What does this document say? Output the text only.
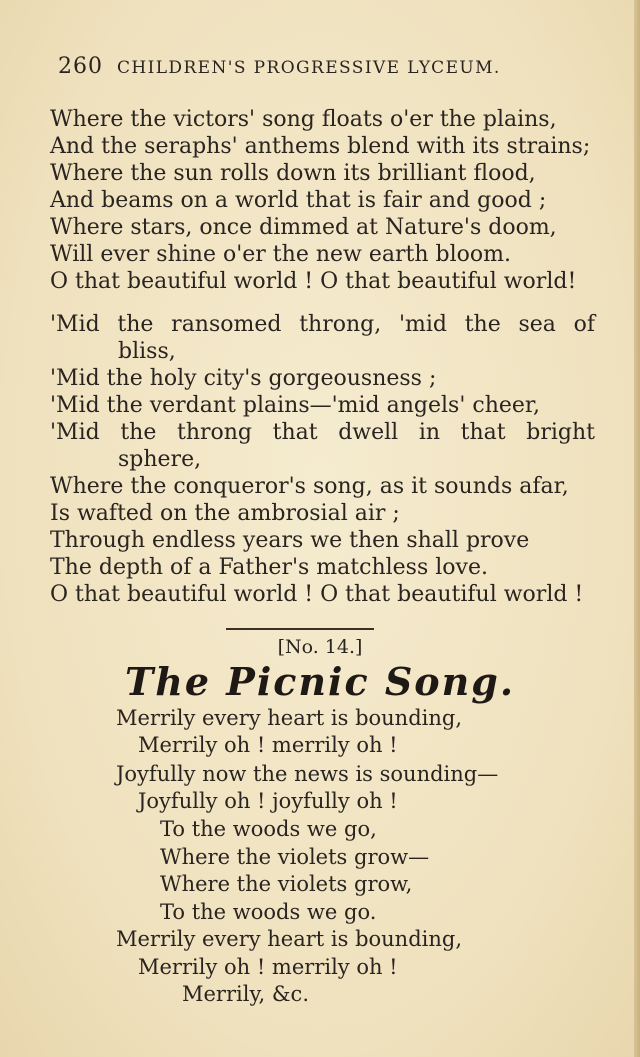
260 CHILDREN'S PROGRESSIVE LYCEUM.
Where the victors' song floats o'er the plains,
And the seraphs' anthems blend with its strains;
Where the sun rolls down its brilliant flood,
And beams on a world that is fair and good ;
Where stars, once dimmed at Nature's doom,
Will ever shine o'er the new earth bloom.
O that beautiful world ! O that beautiful world!
'Mid the ransomed throng, 'mid the sea of
bliss,
'Mid the holy city's gorgeousness ;
'Mid the verdant plains—'mid angels' cheer,
'Mid the throng that dwell in that bright
sphere,
Where the conqueror's song, as it sounds afar,
Is wafted on the ambrosial air ;
Through endless years we then shall prove
The depth of a Father's matchless love.
O that beautiful world ! O that beautiful world !
[No. 14.]
The Picnic Song.
Merrily every heart is bounding,
Merrily oh ! merrily oh !
Joyfully now the news is sounding—
Joyfully oh ! joyfully oh !
To the woods we go,
Where the violets grow—
Where the violets grow,
To the woods we go.
Merrily every heart is bounding,
Merrily oh ! merrily oh !
Merrily, &c.
